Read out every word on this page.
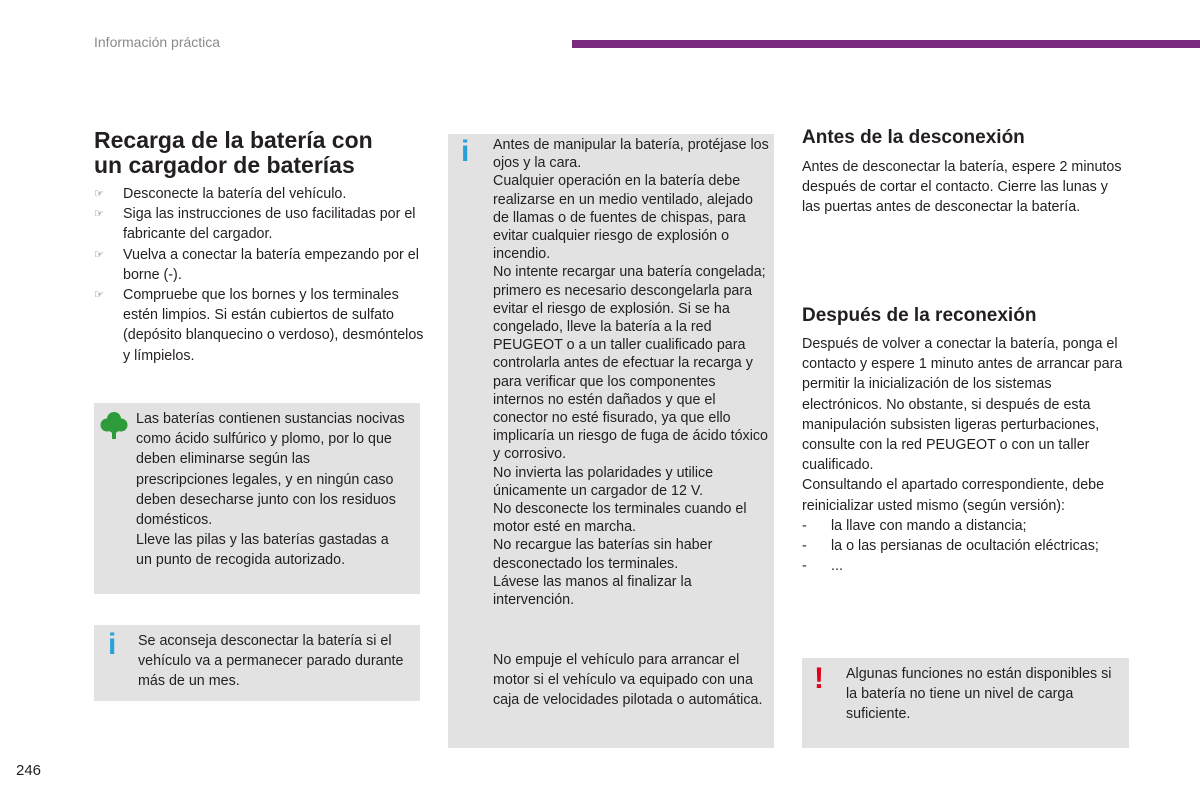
Información práctica
Recarga de la batería con
un cargador de baterías
☞ Desconecte la batería del vehículo.
☞ Siga las instrucciones de uso facilitadas por el fabricante del cargador.
☞ Vuelva a conectar la batería empezando por el borne (-).
☞ Compruebe que los bornes y los terminales estén limpios. Si están cubiertos de sulfato (depósito blanquecino o verdoso), desmóntelos y límpielos.
Las baterías contienen sustancias nocivas como ácido sulfúrico y plomo, por lo que deben eliminarse según las prescripciones legales, y en ningún caso deben desecharse junto con los residuos domésticos.
Lleve las pilas y las baterías gastadas a un punto de recogida autorizado.
i Se aconseja desconectar la batería si el vehículo va a permanecer parado durante más de un mes.
i Antes de manipular la batería, protéjase los ojos y la cara.
Cualquier operación en la batería debe realizarse en un medio ventilado, alejado de llamas o de fuentes de chispas, para evitar cualquier riesgo de explosión o incendio.
No intente recargar una batería congelada; primero es necesario descongelarla para evitar el riesgo de explosión. Si se ha congelado, lleve la batería a la red PEUGEOT o a un taller cualificado para controlarla antes de efectuar la recarga y para verificar que los componentes internos no estén dañados y que el conector no esté fisurado, ya que ello implicaría un riesgo de fuga de ácido tóxico y corrosivo.
No invierta las polaridades y utilice únicamente un cargador de 12 V.
No desconecte los terminales cuando el motor esté en marcha.
No recargue las baterías sin haber desconectado los terminales.
Lávese las manos al finalizar la intervención.
No empuje el vehículo para arrancar el motor si el vehículo va equipado con una caja de velocidades pilotada o automática.
Antes de la desconexión
Antes de desconectar la batería, espere 2 minutos después de cortar el contacto. Cierre las lunas y las puertas antes de desconectar la batería.
Después de la reconexión
Después de volver a conectar la batería, ponga el contacto y espere 1 minuto antes de arrancar para permitir la inicialización de los sistemas electrónicos. No obstante, si después de esta manipulación subsisten ligeras perturbaciones, consulte con la red PEUGEOT o con un taller cualificado.
Consultando el apartado correspondiente, debe reinicializar usted mismo (según versión):
- la llave con mando a distancia;
- la o las persianas de ocultación eléctricas;
- ...
! Algunas funciones no están disponibles si la batería no tiene un nivel de carga suficiente.
246
